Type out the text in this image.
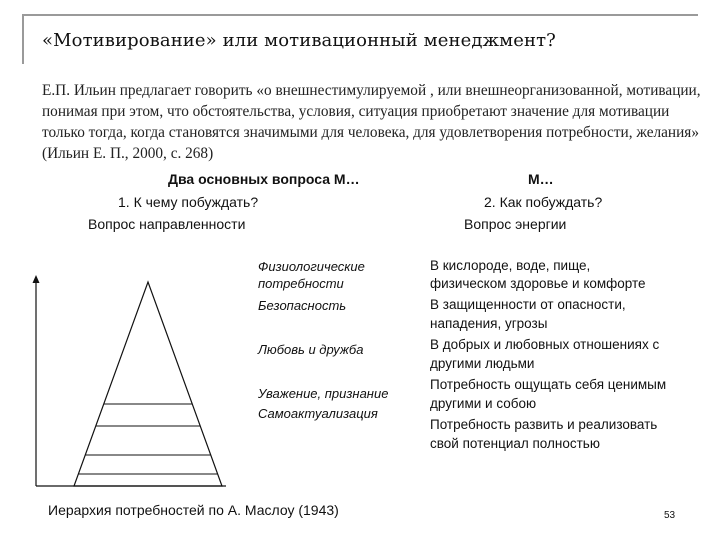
«Мотивирование» или мотивационный менеджмент?
Е.П. Ильин предлагает говорить «о внешнестимулируемой , или внешнеорганизованной, мотивации, понимая при этом, что обстоятельства, условия, ситуация приобретают значение для мотивации только тогда, когда становятся значимыми для человека, для удовлетворения потребности, желания» (Ильин Е. П., 2000, с. 268)
Два основных вопроса М…	М…
1. К чему побуждать?
Вопрос направленности
2. Как побуждать?
Вопрос энергии
Физиологические
потребности
Безопасность
Любовь и дружба
Уважение, признание
Самоактуализация
В кислороде, воде, пище,
физическом здоровье и комфорте
В защищенности от опасности,
нападения, угрозы
В добрых и любовных отношениях с
другими людьми
Потребность ощущать себя ценимым
другими и собою
Потребность развить и реализовать
свой потенциал полностью
Иерархия потребностей по А. Маслоу (1943)	53
